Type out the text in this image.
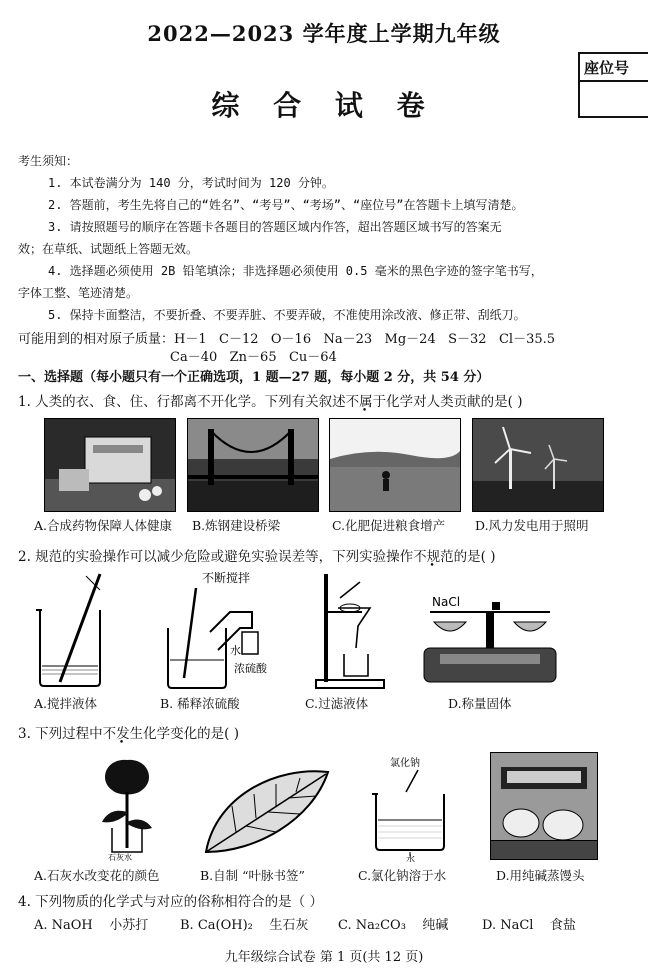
2022—2023 学年度上学期九年级
座位号
综 合 试 卷
考生须知：
1. 本试卷满分为 140 分，考试时间为 120 分钟。
2. 答题前，考生先将自己的“姓名”、“考号”、“考场”、“座位号”在答题卡上填写清楚。
3. 请按照题号的顺序在答题卡各题目的答题区域内作答，超出答题区域书写的答案无
效；在草纸、试题纸上答题无效。
4. 选择题必须使用 2B 铅笔填涂；非选择题必须使用 0.5 毫米的黑色字迹的签字笔书写，
字体工整、笔迹清楚。
5. 保持卡面整洁，不要折叠、不要弄脏、不要弄破，不准使用涂改液、修正带、刮纸刀。
可能用到的相对原子质量：H－1   C－12   O－16   Na－23   Mg－24   S－32   Cl－35.5
Ca－40   Zn－65   Cu－64
一、选择题（每小题只有一个正确选项，1 题—27 题，每小题 2 分，共 54 分）
1. 人类的衣、食、住、行都离不开化学。下列有关叙述不属于化学对人类贡献的是( )
A.合成药物保障人体健康 B.炼钢建设桥梁	C.化肥促进粮食增产 D.风力发电用于照明
2. 规范的实验操作可以减少危险或避免实验误差等，下列实验操作不规范的是( )
不断搅拌
水
浓硫酸
NaCl
A.搅拌液体	B. 稀释浓硫酸	C.过滤液体	D.称量固体
3. 下列过程中不发生化学变化的是( )
石灰水
氯化钠
水
A.石灰水改变花的颜色	B.自制 “叶脉书签”	C.氯化钠溶于水	D.用纯碱蒸馒头
4. 下列物质的化学式与对应的俗称相符合的是（ ）
A. NaOH    小苏打 B. Ca(OH)₂    生石灰 C. Na₂CO₃    纯碱	D. NaCl    食盐
九年级综合试卷 第 1 页(共 12 页)
